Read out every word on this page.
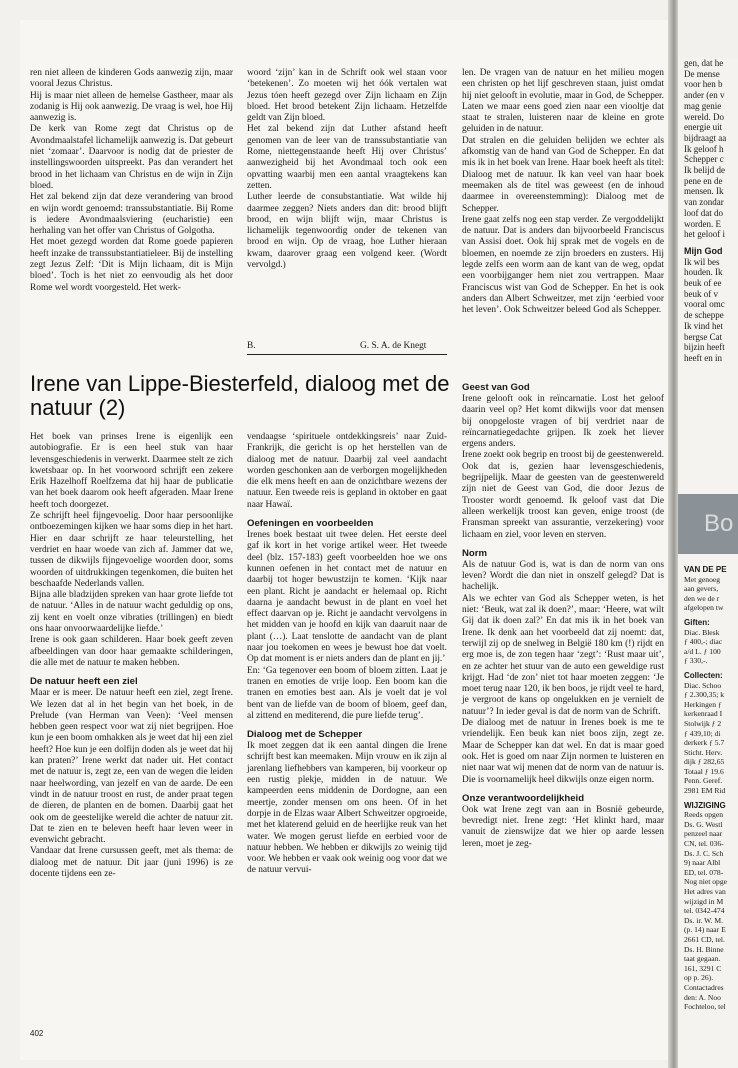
ren niet alleen de kinderen Gods aanwezig zijn, maar vooral Jezus Christus.

Hij is maar niet alleen de hemelse Gastheer, maar als zodanig is Hij ook aanwezig. De vraag is wel, hoe Hij aanwezig is.

De kerk van Rome zegt dat Christus op de Avondmaalstafel lichamelijk aanwezig is. Dat gebeurt niet ‘zomaar’. Daarvoor is nodig dat de priester de instellingswoorden uitspreekt. Pas dan verandert het brood in het lichaam van Christus en de wijn in Zijn bloed.

Het zal bekend zijn dat deze verandering van brood en wijn wordt genoemd: transsubstantiatie. Bij Rome is iedere Avondmaalsviering (eucharistie) een herhaling van het offer van Christus of Golgotha.

Het moet gezegd worden dat Rome goede papieren heeft inzake de transsubstantiatieleer. Bij de instelling zegt Jezus Zelf: ‘Dit is Mijn lichaam, dit is Mijn bloed’. Toch is het niet zo eenvoudig als het door Rome wel wordt voorgesteld. Het werk-

woord ‘zijn’ kan in de Schrift ook wel staan voor ‘betekenen’. Zo moeten wij het óók vertalen wat Jezus tóen heeft gezegd over Zijn lichaam en Zijn bloed. Het brood betekent Zijn lichaam. Hetzelfde geldt van Zijn bloed.

Het zal bekend zijn dat Luther afstand heeft genomen van de leer van de transsubstantiatie van Rome, niettegenstaande heeft Hij over Christus’ aanwezigheid bij het Avondmaal toch ook een opvatting waarbij men een aantal vraagtekens kan zetten.

Luther leerde de consubstantiatie. Wat wilde hij daarmee zeggen? Niets anders dan dit: brood blijft brood, en wijn blijft wijn, maar Christus is lichamelijk tegenwoordig onder de tekenen van brood en wijn. Op de vraag, hoe Luther hieraan kwam, daarover graag een volgend keer. (Wordt vervolgd.)

B.	G. S. A. de Knegt

len. De vragen van de natuur en het milieu mogen een christen op het lijf geschreven staan, juist omdat hij niet gelooft in evolutie, maar in God, de Schepper. Laten we maar eens goed zien naar een viooltje dat staat te stralen, luisteren naar de kleine en grote geluiden in de natuur.

Dat stralen en die geluiden belijden we echter als afkomstig van de hand van God de Schepper. En dat mis ik in het boek van Irene. Haar boek heeft als titel: Dialoog met de natuur. Ik kan veel van haar boek meemaken als de titel was geweest (en de inhoud daarmee in overeenstemming): Dialoog met de Schepper.

Irene gaat zelfs nog een stap verder. Ze vergoddelijkt de natuur. Dat is anders dan bijvoorbeeld Franciscus van Assisi doet. Ook hij sprak met de vogels en de bloemen, en noemde ze zijn broeders en zusters. Hij legde zelfs een worm aan de kant van de weg, opdat een voorbijganger hem niet zou vertrappen. Maar Franciscus wist van God de Schepper. En het is ook anders dan Albert Schweitzer, met zijn ‘eerbied voor het leven’. Ook Schweitzer beleed God als Schepper.

Irene van Lippe-Biesterfeld, dialoog met de natuur (2)

Het boek van prinses Irene is eigenlijk een autobiografie. Er is een heel stuk van haar levensgeschiedenis in verwerkt. Daarmee stelt ze zich kwetsbaar op. In het voorwoord schrijft een zekere Erik Hazelhoff Roelfzema dat hij haar de publicatie van het boek daarom ook heeft afgeraden. Maar Irene heeft toch doorgezet.

Ze schrijft heel fijngevoelig. Door haar persoonlijke ontboezemingen kijken we haar soms diep in het hart. Hier en daar schrijft ze haar teleurstelling, het verdriet en haar woede van zich af. Jammer dat we, tussen de dikwijls fijngevoelige woorden door, soms woorden of uitdrukkingen tegenkomen, die buiten het beschaafde Nederlands vallen.

Bijna alle bladzijden spreken van haar grote liefde tot de natuur. ‘Alles in de natuur wacht geduldig op ons, zij kent en voelt onze vibraties (trillingen) en biedt ons haar onvoorwaardelijke liefde.’

Irene is ook gaan schilderen. Haar boek geeft zeven afbeeldingen van door haar gemaakte schilderingen, die alle met de natuur te maken hebben.

De natuur heeft een ziel

Maar er is meer. De natuur heeft een ziel, zegt Irene. We lezen dat al in het begin van het boek, in de Prelude (van Herman van Veen): ‘Veel mensen hebben geen respect voor wat zij niet begrijpen. Hoe kun je een boom omhakken als je weet dat hij een ziel heeft? Hoe kun je een dolfijn doden als je weet dat hij kan praten?’ Irene werkt dat nader uit. Het contact met de natuur is, zegt ze, een van de wegen die leiden naar heelwording, van jezelf en van de aarde. De een vindt in de natuur troost en rust, de ander praat tegen de dieren, de planten en de bomen. Daarbij gaat het ook om de geestelijke wereld die achter de natuur zit. Dat te zien en te beleven heeft haar leven weer in evenwicht gebracht.

Vandaar dat Irene cursussen geeft, met als thema: de dialoog met de natuur. Dit jaar (juni 1996) is ze docente tijdens een ze-

vendaagse ‘spirituele ontdekkingsreis’ naar Zuid-Frankrijk, die gericht is op het herstellen van de dialoog met de natuur. Daarbij zal veel aandacht worden geschonken aan de verborgen mogelijkheden die elk mens heeft en aan de onzichtbare wezens der natuur. Een tweede reis is gepland in oktober en gaat naar Hawaï.

Oefeningen en voorbeelden

Irenes boek bestaat uit twee delen. Het eerste deel gaf ik kort in het vorige artikel weer. Het tweede deel (blz. 157-183) geeft voorbeelden hoe we ons kunnen oefenen in het contact met de natuur en daarbij tot hoger bewustzijn te komen. ‘Kijk naar een plant. Richt je aandacht er helemaal op. Richt daarna je aandacht bewust in de plant en voel het effect daarvan op je. Richt je aandacht vervolgens in het midden van je hoofd en kijk van daaruit naar de plant (…). Laat tenslotte de aandacht van de plant naar jou toekomen en wees je bewust hoe dat voelt. Op dat moment is er niets anders dan de plant en jij.’

En: ‘Ga tegenover een boom of bloem zitten. Laat je tranen en emoties de vrije loop. Een boom kan die tranen en emoties best aan. Als je voelt dat je vol bent van de liefde van de boom of bloem, geef dan, al zittend en mediterend, die pure liefde terug’.

Dialoog met de Schepper

Ik moet zeggen dat ik een aantal dingen die Irene schrijft best kan meemaken. Mijn vrouw en ik zijn al jarenlang liefhebbers van kamperen, bij voorkeur op een rustig plekje, midden in de natuur. We kampeerden eens middenin de Dordogne, aan een meertje, zonder mensen om ons heen. Of in het dorpje in de Elzas waar Albert Schweitzer opgroeide, met het klaterend geluid en de heerlijke reuk van het water. We mogen gerust liefde en eerbied voor de natuur hebben. We hebben er dikwijls zo weinig tijd voor. We hebben er vaak ook weinig oog voor dat we de natuur vervui-

Geest van God

Irene gelooft ook in reïncarnatie. Lost het geloof daarin veel op? Het komt dikwijls voor dat mensen bij onopgeloste vragen of bij verdriet naar de reïncarnatiegedachte grijpen. Ik zoek het liever ergens anders.

Irene zoekt ook begrip en troost bij de geestenwereld. Ook dat is, gezien haar levensgeschiedenis, begrijpelijk. Maar de geesten van de geestenwereld zijn niet de Geest van God, die door Jezus de Trooster wordt genoemd. Ik geloof vast dat Die alleen werkelijk troost kan geven, enige troost (de Fransman spreekt van assurantie, verzekering) voor lichaam en ziel, voor leven en sterven.

Norm

Als de natuur God is, wat is dan de norm van ons leven? Wordt die dan niet in onszelf gelegd? Dat is hachelijk.

Als we echter van God als Schepper weten, is het niet: ‘Beuk, wat zal ik doen?’, maar: ‘Heere, wat wilt Gij dat ik doen zal?’ En dat mis ik in het boek van Irene. Ik denk aan het voorbeeld dat zij noemt: dat, terwijl zij op de snelweg in België 180 km (!) rijdt en erg moe is, de zon tegen haar ‘zegt’: ‘Rust maar uit’, en ze achter het stuur van de auto een geweldige rust krijgt. Had ‘de zon’ niet tot haar moeten zeggen: ‘Je moet terug naar 120, ik ben boos, je rijdt veel te hard, je vergroot de kans op ongelukken en je vernielt de natuur’? In ieder geval is dat de norm van de Schrift.

De dialoog met de natuur in Irenes boek is me te vriendelijk. Een beuk kan niet boos zijn, zegt ze. Maar de Schepper kan dat wel. En dat is maar goed ook. Het is goed om naar Zijn normen te luisteren en niet naar wat wij menen dat de norm van de natuur is. Die is voornamelijk heel dikwijls onze eigen norm.

Onze verantwoordelijkheid

Ook wat Irene zegt van aan in Bosnië gebeurde, bevredigt niet. Irene zegt: ‘Het klinkt hard, maar vanuit de zienswijze dat we hier op aarde lessen leren, moet je zeg-

402

gen, dat he

De mense

voor hen b

ander (en v

mag genie

wereld. Do

energie uit

bijdraagt aa

Ik geloof h

Schepper c

Ik belijd de

pene en de

mensen. Ik

van zondar

loof dat do

worden. E

het geloof i

Mijn God

Ik wil bes

houden. Ik

beuk of ee

beuk of v

vooral omc

de scheppe

Ik vind het

bergse Cat

bijzin heeft

heeft en in

Bo
VAN DE PE

Met genoeg

aan gevers,

den we de r

afgelopen tw

Giften:

Diac. Blesk

ƒ 400,-; diac

a/d L. ƒ 100

ƒ 330,-.

Collecten:

Diac. Schoo

ƒ 2.300,35; k

Herkingen ƒ

kerkenraad I

Stolwijk ƒ 2

ƒ 439,10; di

derkerk ƒ 5.7

Sticht. Herv.

dijk ƒ 282,65

Totaal ƒ 19.6

Penn. Geref.

2981 EM Rid

WIJZIGING

Reeds opgen

Ds. G. Westl

penzeel naar

CN, tel. 036-

Ds. J. C. Sch

9) naar Albl

ED, tel. 078-

Nog niet opge

Het adres van

wijzigd in M

tel. 0342-474

Ds. ir. W. M.

(p. 14) naar E

2661 CD, tel.

Ds. H. Binne

taat gegaan.

161, 3291 C

op p. 26).

Contactadres

den: A. Noo

Fochteloo, tel
